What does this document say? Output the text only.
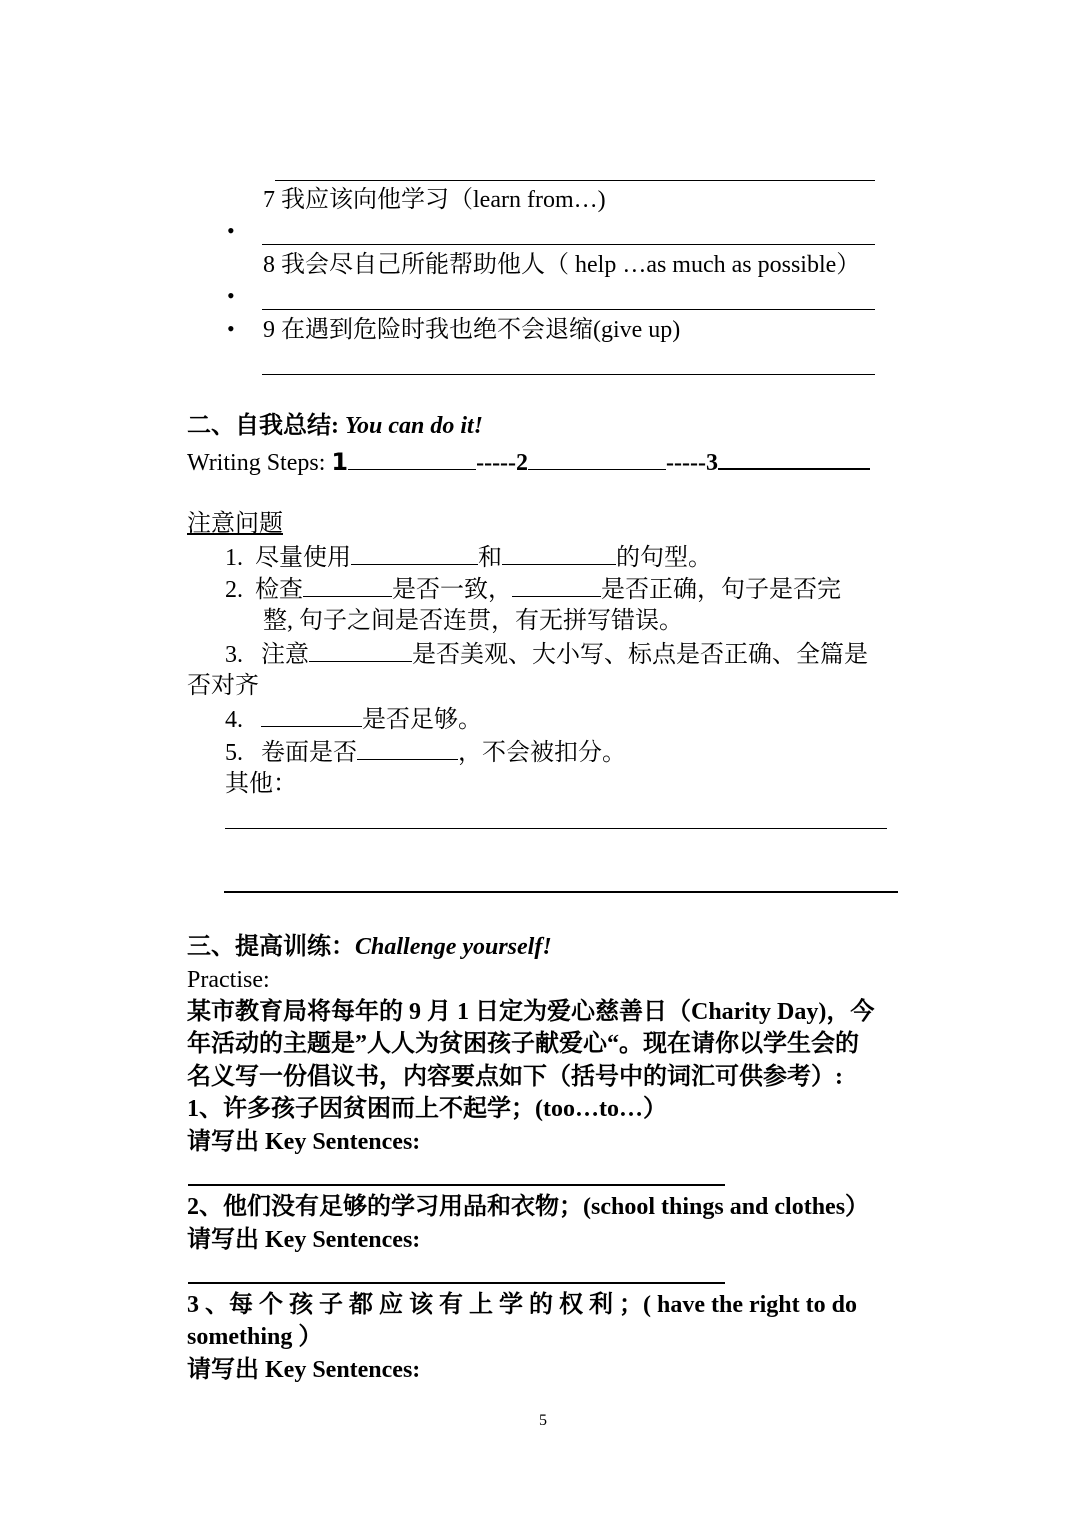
7 我应该向他学习（learn from…)
•
8 我会尽自己所能帮助他人（ help …as much as possible）
•
• 9 在遇到危险时我也绝不会退缩(give up)
二、自我总结: You can do it!
Writing Steps: 1	-----2	-----3
注意问题
1. 尽量使用	和	的句型。
2. 检查	是否一致，	是否正确，句子是否完
整, 句子之间是否连贯，有无拼写错误。
3. 注意	是否美观、大小写、标点是否正确、全篇是
否对齐
4.	是否足够。
5. 卷面是否	，不会被扣分。
其他：
三、提高训练：Challenge yourself!
Practise:
某市教育局将每年的 9 月 1 日定为爱心慈善日（Charity Day)，今
年活动的主题是”人人为贫困孩子献爱心“。现在请你以学生会的
名义写一份倡议书，内容要点如下（括号中的词汇可供参考）:
1、许多孩子因贫困而上不起学；(too…to…）
请写出 Key Sentences:
2、他们没有足够的学习用品和衣物；(school things and clothes）
请写出 Key Sentences:
3 、每 个 孩 子 都 应 该 有 上 学 的 权 利 ；( have the right to do
something ）
请写出 Key Sentences:
5
